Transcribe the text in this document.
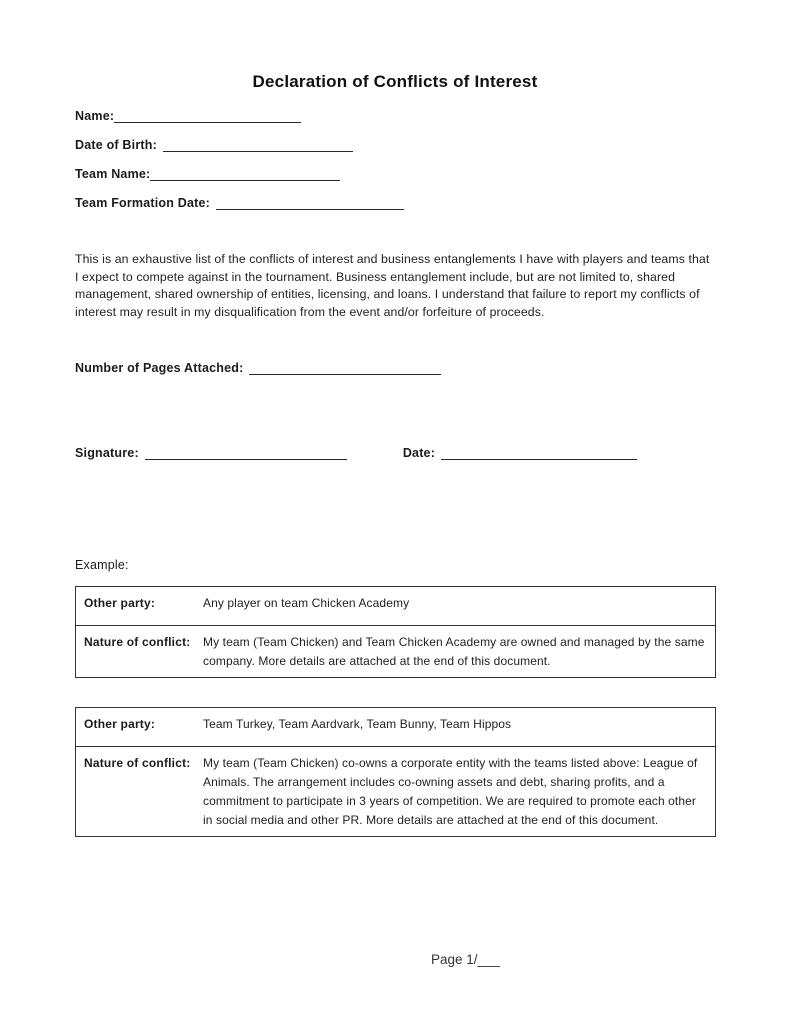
Declaration of Conflicts of Interest
Name:
Date of Birth:
Team Name:
Team Formation Date:
This is an exhaustive list of the conflicts of interest and business entanglements I have with players and teams that I expect to compete against in the tournament. Business entanglement include, but are not limited to, shared management, shared ownership of entities, licensing, and loans. I understand that failure to report my conflicts of interest may result in my disqualification from the event and/or forfeiture of proceeds.
Number of Pages Attached:
Signature:	Date:
Example:
Other party:	Any player on team Chicken Academy
Nature of conflict:	My team (Team Chicken) and Team Chicken Academy are owned and managed by the same company. More details are attached at the end of this document.
Other party:	Team Turkey, Team Aardvark, Team Bunny, Team Hippos
Nature of conflict:	My team (Team Chicken) co-owns a corporate entity with the teams listed above: League of Animals. The arrangement includes co-owning assets and debt, sharing profits, and a commitment to participate in 3 years of competition. We are required to promote each other in social media and other PR. More details are attached at the end of this document.
Page 1/___
